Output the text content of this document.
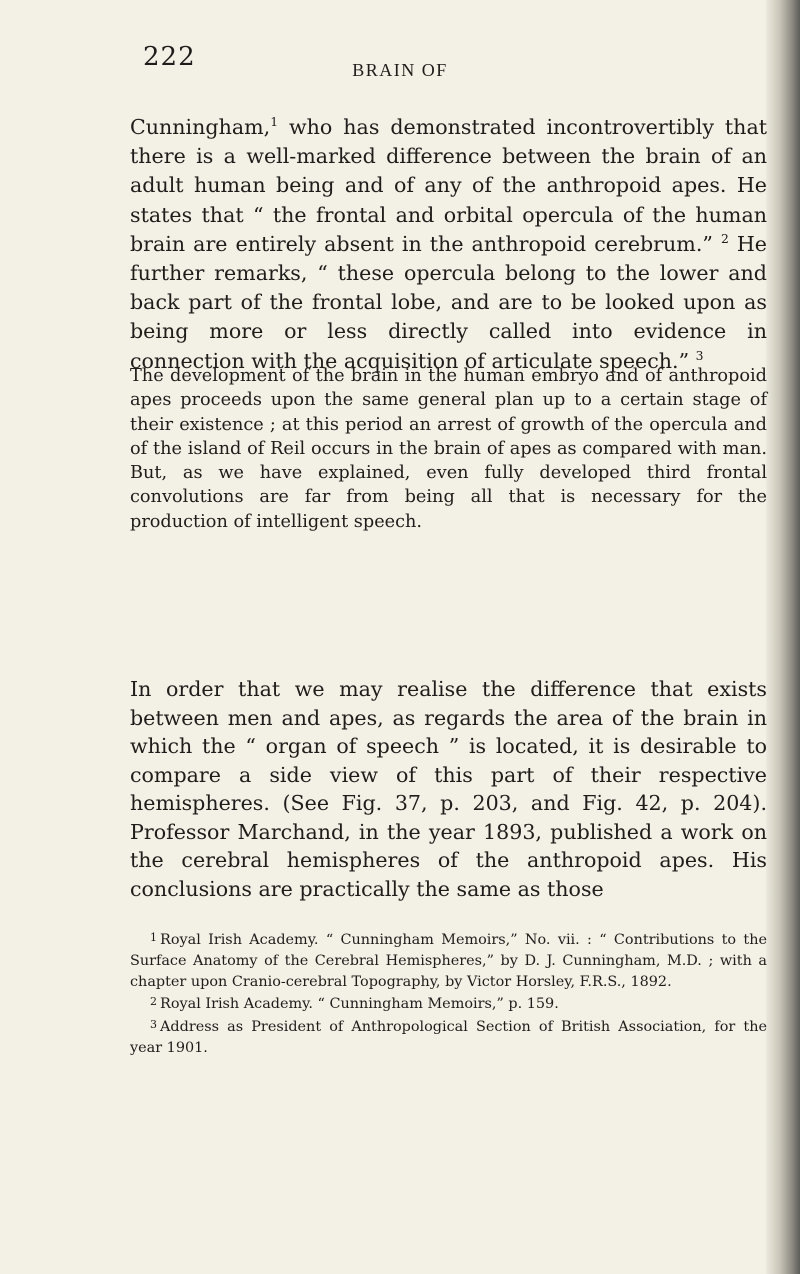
222	BRAIN OF

Cunningham,$^1$ who has demonstrated incontrovertibly that there is a well-marked difference between the brain of an adult human being and of any of the anthropoid apes. He states that “ the frontal and orbital opercula of the human brain are entirely absent in the anthropoid cerebrum.” $^2$ He further remarks, “ these opercula belong to the lower and back part of the frontal lobe, and are to be looked upon as being more or less directly called into evidence in connection with the acquisition of articulate speech.” $^3$

The development of the brain in the human embryo and of anthropoid apes proceeds upon the same general plan up to a certain stage of their existence ; at this period an arrest of growth of the opercula and of the island of Reil occurs in the brain of apes as compared with man. But, as we have explained, even fully developed third frontal convolutions are far from being all that is necessary for the production of intelligent speech.

In order that we may realise the difference that exists between men and apes, as regards the area of the brain in which the “ organ of speech ” is located, it is desirable to compare a side view of this part of their respective hemispheres. (See Fig. 37, p. 203, and Fig. 42, p. 204). Professor Marchand, in the year 1893, published a work on the cerebral hemispheres of the anthropoid apes. His conclusions are practically the same as those

$^1$ Royal Irish Academy. “ Cunningham Memoirs,” No. vii. : “ Contributions to the Surface Anatomy of the Cerebral Hemispheres,” by D. J. Cunningham, M.D. ; with a chapter upon Cranio-cerebral Topography, by Victor Horsley, F.R.S., 1892.

$^2$ Royal Irish Academy. “ Cunningham Memoirs,” p. 159.

$^3$ Address as President of Anthropological Section of British Association, for the year 1901.
